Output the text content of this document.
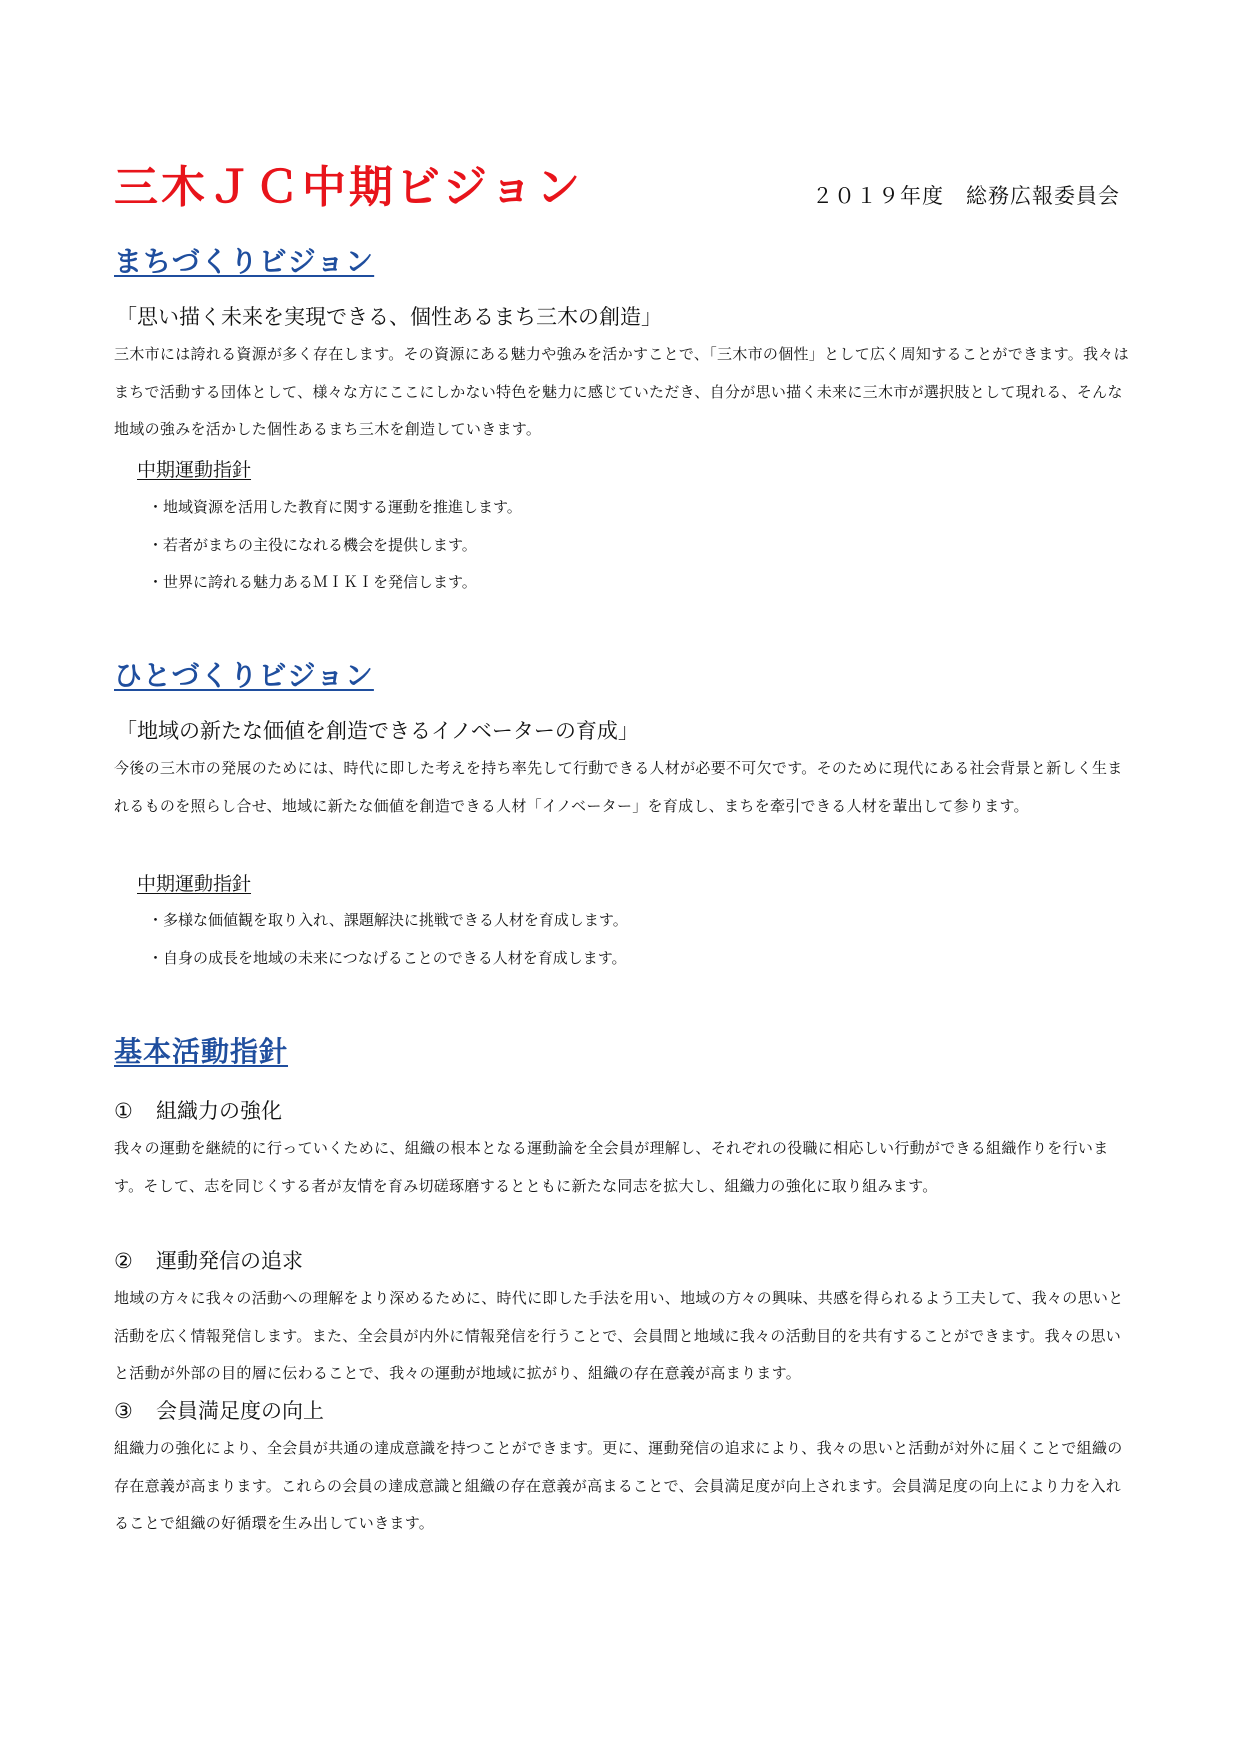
三木ＪＣ中期ビジョン	２０１９年度　総務広報委員会
まちづくりビジョン
「思い描く未来を実現できる、個性あるまち三木の創造」
三木市には誇れる資源が多く存在します。その資源にある魅力や強みを活かすことで、「三木市の個性」として広く周知することができます。我々はまちで活動する団体として、様々な方にここにしかない特色を魅力に感じていただき、自分が思い描く未来に三木市が選択肢として現れる、そんな地域の強みを活かした個性あるまち三木を創造していきます。
中期運動指針
・地域資源を活用した教育に関する運動を推進します。
・若者がまちの主役になれる機会を提供します。
・世界に誇れる魅力あるＭＩＫＩを発信します。
ひとづくりビジョン
「地域の新たな価値を創造できるイノベーターの育成」
今後の三木市の発展のためには、時代に即した考えを持ち率先して行動できる人材が必要不可欠です。そのために現代にある社会背景と新しく生まれるものを照らし合せ、地域に新たな価値を創造できる人材「イノベーター」を育成し、まちを牽引できる人材を輩出して参ります。
中期運動指針
・多様な価値観を取り入れ、課題解決に挑戦できる人材を育成します。
・自身の成長を地域の未来につなげることのできる人材を育成します。
基本活動指針
① 組織力の強化
我々の運動を継続的に行っていくために、組織の根本となる運動論を全会員が理解し、それぞれの役職に相応しい行動ができる組織作りを行います。そして、志を同じくする者が友情を育み切磋琢磨するとともに新たな同志を拡大し、組織力の強化に取り組みます。
② 運動発信の追求
地域の方々に我々の活動への理解をより深めるために、時代に即した手法を用い、地域の方々の興味、共感を得られるよう工夫して、我々の思いと活動を広く情報発信します。また、全会員が内外に情報発信を行うことで、会員間と地域に我々の活動目的を共有することができます。我々の思いと活動が外部の目的層に伝わることで、我々の運動が地域に拡がり、組織の存在意義が高まります。
③ 会員満足度の向上
組織力の強化により、全会員が共通の達成意識を持つことができます。更に、運動発信の追求により、我々の思いと活動が対外に届くことで組織の存在意義が高まります。これらの会員の達成意識と組織の存在意義が高まることで、会員満足度が向上されます。会員満足度の向上により力を入れることで組織の好循環を生み出していきます。
